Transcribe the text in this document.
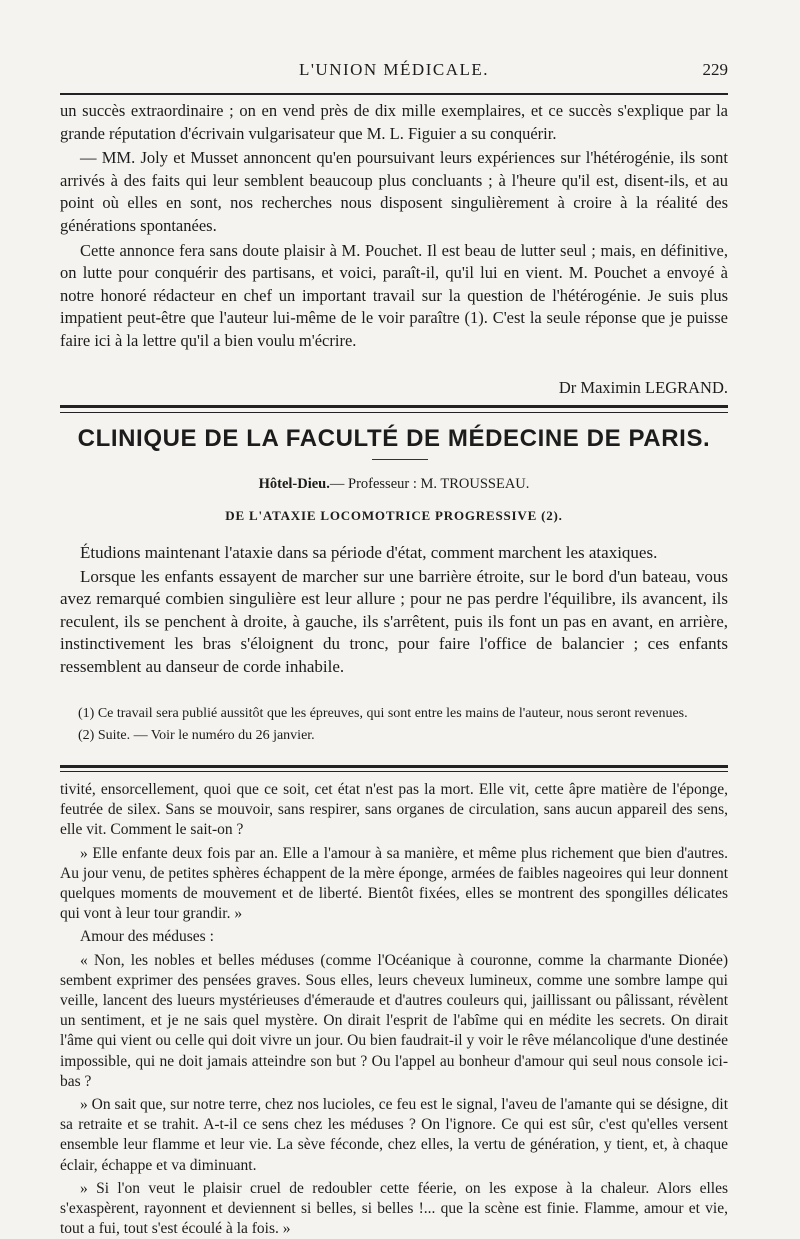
L'UNION MÉDICALE.	229

un succès extraordinaire ; on en vend près de dix mille exemplaires, et ce succès s'explique par la grande réputation d'écrivain vulgarisateur que M. L. Figuier a su conquérir.

— MM. Joly et Musset annoncent qu'en poursuivant leurs expériences sur l'hétérogénie, ils sont arrivés à des faits qui leur semblent beaucoup plus concluants ; à l'heure qu'il est, disent-ils, et au point où elles en sont, nos recherches nous disposent singulièrement à croire à la réalité des générations spontanées.

Cette annonce fera sans doute plaisir à M. Pouchet. Il est beau de lutter seul ; mais, en définitive, on lutte pour conquérir des partisans, et voici, paraît-il, qu'il lui en vient. M. Pouchet a envoyé à notre honoré rédacteur en chef un important travail sur la question de l'hétérogénie. Je suis plus impatient peut-être que l'auteur lui-même de le voir paraître (1). C'est la seule réponse que je puisse faire ici à la lettre qu'il a bien voulu m'écrire.

Dr Maximin LEGRAND.
CLINIQUE DE LA FACULTÉ DE MÉDECINE DE PARIS.
Hôtel-Dieu.— Professeur : M. TROUSSEAU.
DE L'ATAXIE LOCOMOTRICE PROGRESSIVE (2).

Étudions maintenant l'ataxie dans sa période d'état, comment marchent les ataxiques.

Lorsque les enfants essayent de marcher sur une barrière étroite, sur le bord d'un bateau, vous avez remarqué combien singulière est leur allure ; pour ne pas perdre l'équilibre, ils avancent, ils reculent, ils se penchent à droite, à gauche, ils s'arrêtent, puis ils font un pas en avant, en arrière, instinctivement les bras s'éloignent du tronc, pour faire l'office de balancier ; ces enfants ressemblent au danseur de corde inhabile.

(1) Ce travail sera publié aussitôt que les épreuves, qui sont entre les mains de l'auteur, nous seront revenues.

(2) Suite. — Voir le numéro du 26 janvier.

tivité, ensorcellement, quoi que ce soit, cet état n'est pas la mort. Elle vit, cette âpre matière de l'éponge, feutrée de silex. Sans se mouvoir, sans respirer, sans organes de circulation, sans aucun appareil des sens, elle vit. Comment le sait-on ?

» Elle enfante deux fois par an. Elle a l'amour à sa manière, et même plus richement que bien d'autres. Au jour venu, de petites sphères échappent de la mère éponge, armées de faibles nageoires qui leur donnent quelques moments de mouvement et de liberté. Bientôt fixées, elles se montrent des spongilles délicates qui vont à leur tour grandir. »

Amour des méduses :

« Non, les nobles et belles méduses (comme l'Océanique à couronne, comme la charmante Dionée) sembent exprimer des pensées graves. Sous elles, leurs cheveux lumineux, comme une sombre lampe qui veille, lancent des lueurs mystérieuses d'émeraude et d'autres couleurs qui, jaillissant ou pâlissant, révèlent un sentiment, et je ne sais quel mystère. On dirait l'esprit de l'abîme qui en médite les secrets. On dirait l'âme qui vient ou celle qui doit vivre un jour. Ou bien faudrait-il y voir le rêve mélancolique d'une destinée impossible, qui ne doit jamais atteindre son but ? Ou l'appel au bonheur d'amour qui seul nous console ici-bas ?

» On sait que, sur notre terre, chez nos lucioles, ce feu est le signal, l'aveu de l'amante qui se désigne, dit sa retraite et se trahit. A-t-il ce sens chez les méduses ? On l'ignore. Ce qui est sûr, c'est qu'elles versent ensemble leur flamme et leur vie. La sève féconde, chez elles, la vertu de génération, y tient, et, à chaque éclair, échappe et va diminuant.

» Si l'on veut le plaisir cruel de redoubler cette féerie, on les expose à la chaleur. Alors elles s'exaspèrent, rayonnent et deviennent si belles, si belles !... que la scène est finie. Flamme, amour et vie, tout a fui, tout s'est écoulé à la fois. »
